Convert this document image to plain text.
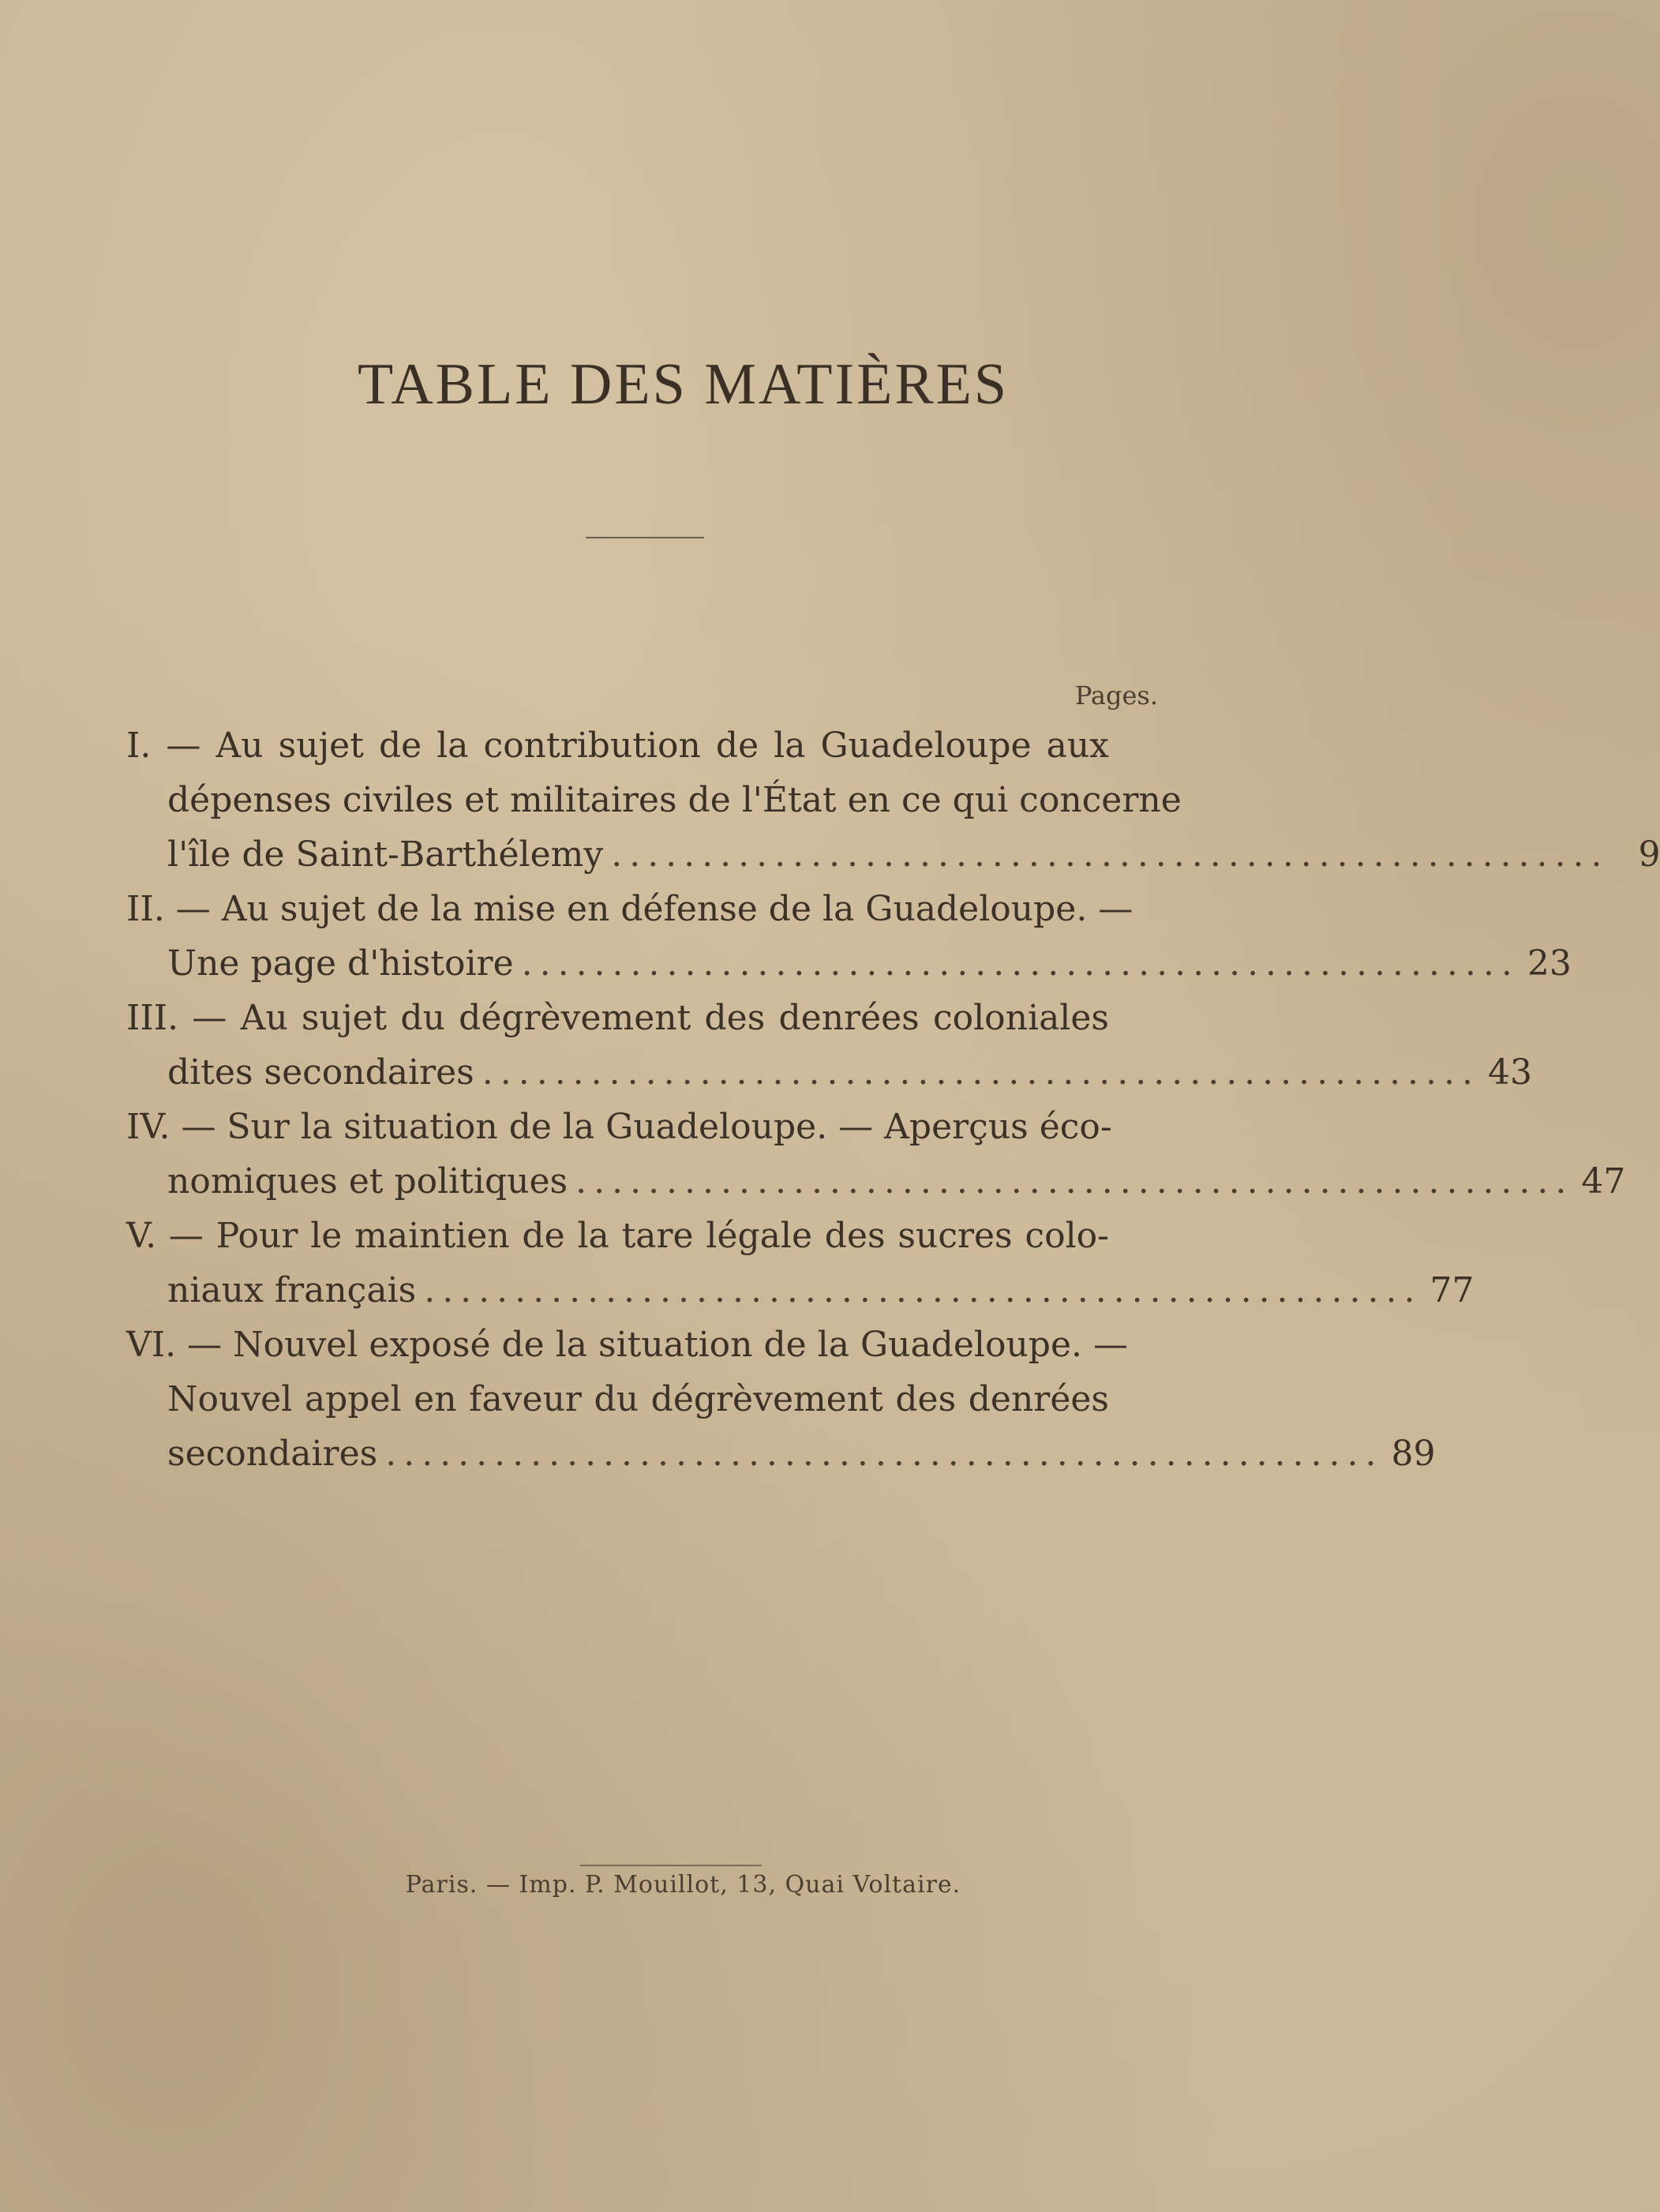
TABLE DES MATIÈRES
Pages.
I. — Au sujet de la contribution de la Guadeloupe aux
dépenses civiles et militaires de l'État en ce qui concerne
l'île de Saint-Barthélemy ....................................................... 9
II. — Au sujet de la mise en défense de la Guadeloupe. —
Une page d'histoire ....................................................... 23
III. — Au sujet du dégrèvement des denrées coloniales
dites secondaires ....................................................... 43
IV. — Sur la situation de la Guadeloupe. — Aperçus éco-
nomiques et politiques ....................................................... 47
V. — Pour le maintien de la tare légale des sucres colo-
niaux français ....................................................... 77
VI. — Nouvel exposé de la situation de la Guadeloupe. —
Nouvel appel en faveur du dégrèvement des denrées
secondaires ....................................................... 89
Paris. — Imp. P. Mouillot, 13, Quai Voltaire.
